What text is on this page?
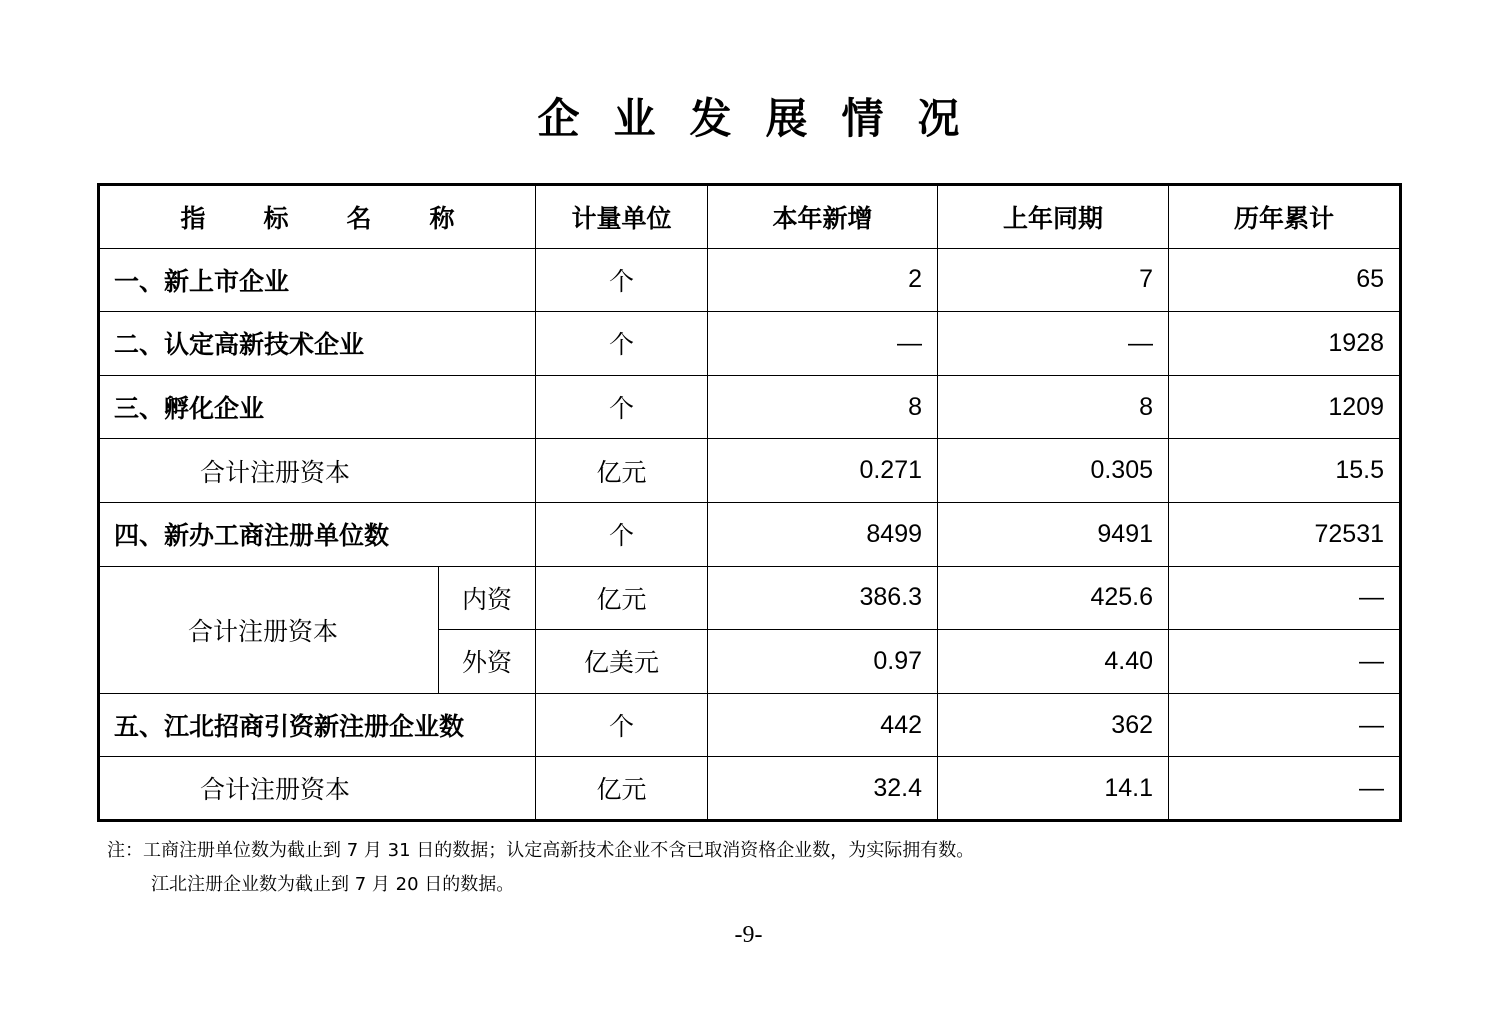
企业发展情况
指标名称		计量单位	本年新增	上年同期	历年累计
一、新上市企业		个	2	7	65
二、认定高新技术企业		个	—	—	1928
三、孵化企业		个	8	8	1209
合计注册资本		亿元	0.271	0.305	15.5
四、新办工商注册单位数		个	8499	9491	72531
合计注册资本	内资	亿元	386.3	425.6	—
	外资	亿美元	0.97	4.40	—
五、江北招商引资新注册企业数		个	442	362	—
合计注册资本		亿元	32.4	14.1	—
注：工商注册单位数为截止到 7 月 31 日的数据；认定高新技术企业不含已取消资格企业数，为实际拥有数。
江北注册企业数为截止到 7 月 20 日的数据。
-9-
